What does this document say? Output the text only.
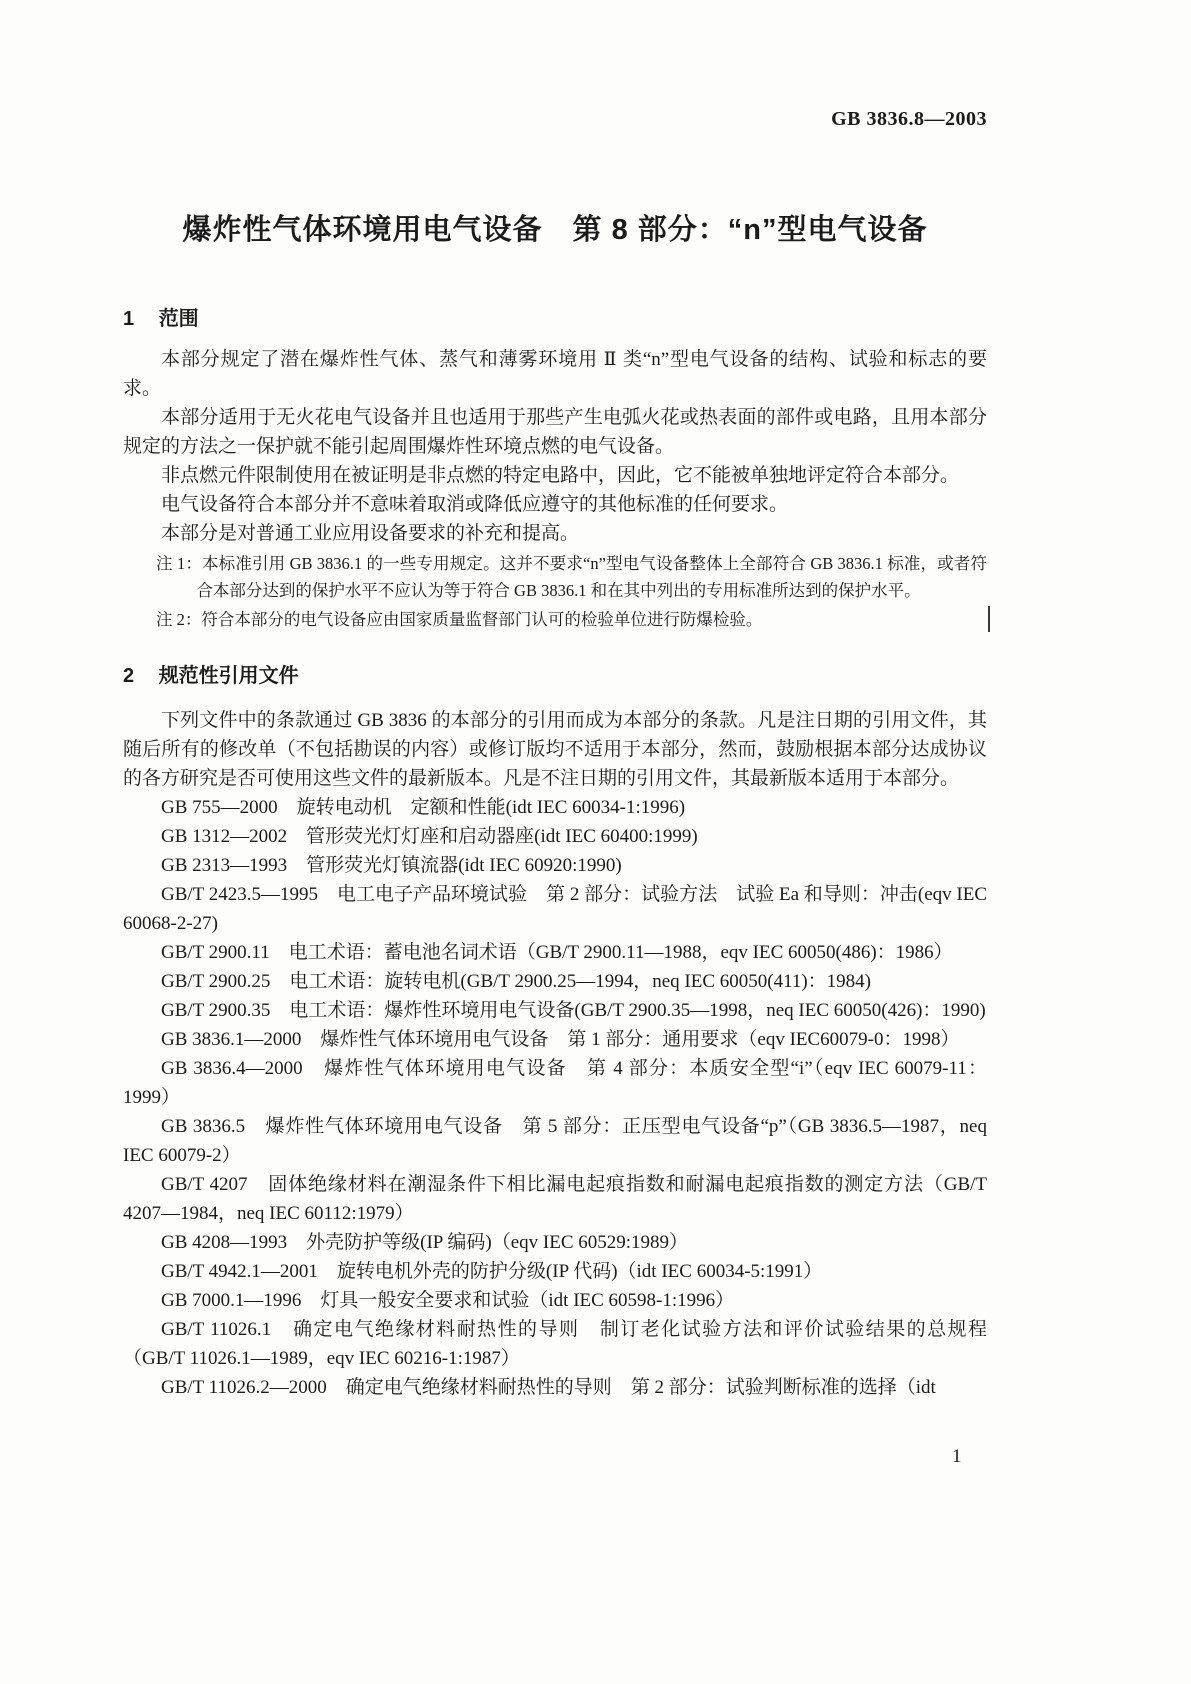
GB 3836.8—2003
爆炸性气体环境用电气设备　第 8 部分：“n”型电气设备
1 范围

本部分规定了潜在爆炸性气体、蒸气和薄雾环境用 Ⅱ 类“n”型电气设备的结构、试验和标志的要求。

本部分适用于无火花电气设备并且也适用于那些产生电弧火花或热表面的部件或电路，且用本部分规定的方法之一保护就不能引起周围爆炸性环境点燃的电气设备。

非点燃元件限制使用在被证明是非点燃的特定电路中，因此，它不能被单独地评定符合本部分。

电气设备符合本部分并不意味着取消或降低应遵守的其他标准的任何要求。

本部分是对普通工业应用设备要求的补充和提高。

注 1：本标准引用 GB 3836.1 的一些专用规定。这并不要求“n”型电气设备整体上全部符合 GB 3836.1 标准，或者符合本部分达到的保护水平不应认为等于符合 GB 3836.1 和在其中列出的专用标准所达到的保护水平。

注 2：符合本部分的电气设备应由国家质量监督部门认可的检验单位进行防爆检验。

2 规范性引用文件

下列文件中的条款通过 GB 3836 的本部分的引用而成为本部分的条款。凡是注日期的引用文件，其随后所有的修改单（不包括勘误的内容）或修订版均不适用于本部分，然而，鼓励根据本部分达成协议的各方研究是否可使用这些文件的最新版本。凡是不注日期的引用文件，其最新版本适用于本部分。

GB 755—2000　旋转电动机　定额和性能(idt IEC 60034-1:1996)

GB 1312—2002　管形荧光灯灯座和启动器座(idt IEC 60400:1999)

GB 2313—1993　管形荧光灯镇流器(idt IEC 60920:1990)

GB/T 2423.5—1995　电工电子产品环境试验　第 2 部分：试验方法　试验 Ea 和导则：冲击(eqv IEC 60068-2-27)

GB/T 2900.11　电工术语：蓄电池名词术语（GB/T 2900.11—1988，eqv IEC 60050(486)：1986）

GB/T 2900.25　电工术语：旋转电机(GB/T 2900.25—1994，neq IEC 60050(411)：1984)

GB/T 2900.35　电工术语：爆炸性环境用电气设备(GB/T 2900.35—1998，neq IEC 60050(426)：1990)

GB 3836.1—2000　爆炸性气体环境用电气设备　第 1 部分：通用要求（eqv IEC60079-0：1998）

GB 3836.4—2000　爆炸性气体环境用电气设备　第 4 部分：本质安全型“i”（eqv IEC 60079-11：1999）

GB 3836.5　爆炸性气体环境用电气设备　第 5 部分：正压型电气设备“p”（GB 3836.5—1987，neq IEC 60079-2）

GB/T 4207　固体绝缘材料在潮湿条件下相比漏电起痕指数和耐漏电起痕指数的测定方法（GB/T 4207—1984，neq IEC 60112:1979）

GB 4208—1993　外壳防护等级(IP 编码)（eqv IEC 60529:1989）

GB/T 4942.1—2001　旋转电机外壳的防护分级(IP 代码)（idt IEC 60034-5:1991）

GB 7000.1—1996　灯具一般安全要求和试验（idt IEC 60598-1:1996）

GB/T 11026.1　确定电气绝缘材料耐热性的导则　制订老化试验方法和评价试验结果的总规程（GB/T 11026.1—1989，eqv IEC 60216-1:1987）

GB/T 11026.2—2000　确定电气绝缘材料耐热性的导则　第 2 部分：试验判断标准的选择（idt

1
